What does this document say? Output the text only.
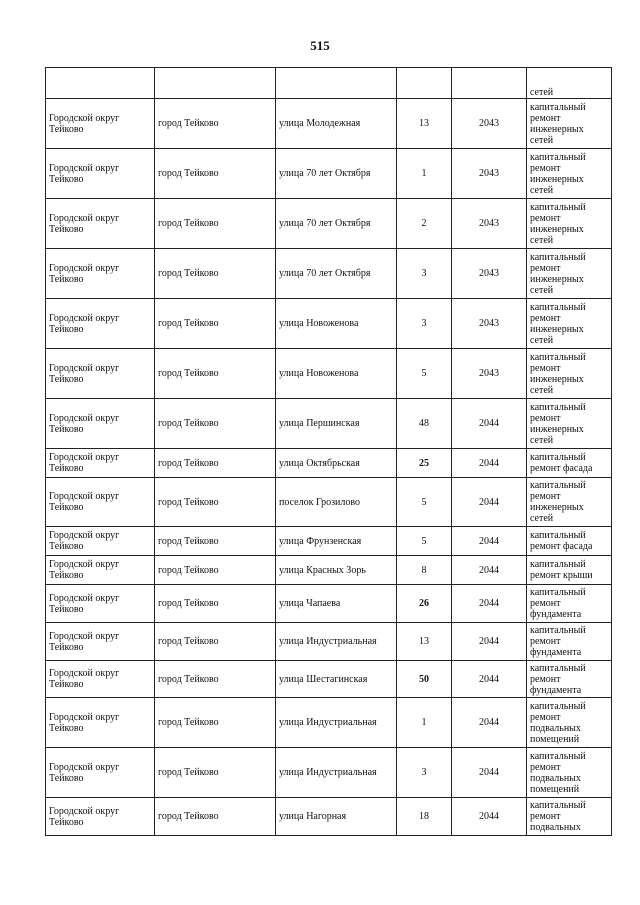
515

					сетей

Городской округ Тейково	город Тейково	улица Молодежная	13	2043	капитальный
ремонт
инженерных
сетей

Городской округ Тейково	город Тейково	улица 70 лет Октября	1	2043	капитальный
ремонт
инженерных
сетей

Городской округ Тейково	город Тейково	улица 70 лет Октября	2	2043	капитальный
ремонт
инженерных
сетей

Городской округ Тейково	город Тейково	улица 70 лет Октября	3	2043	капитальный
ремонт
инженерных
сетей

Городской округ Тейково	город Тейково	улица Новоженова	3	2043	капитальный
ремонт
инженерных
сетей

Городской округ Тейково	город Тейково	улица Новоженова	5	2043	капитальный
ремонт
инженерных
сетей

Городской округ Тейково	город Тейково	улица Першинская	48	2044	капитальный
ремонт
инженерных
сетей

Городской округ Тейково	город Тейково	улица Октябрьская	25	2044	капитальный
ремонт фасада

Городской округ Тейково	город Тейково	поселок Грозилово	5	2044	капитальный
ремонт
инженерных
сетей

Городской округ Тейково	город Тейково	улица Фрунзенская	5	2044	капитальный
ремонт фасада

Городской округ Тейково	город Тейково	улица Красных Зорь	8	2044	капитальный
ремонт крыши

Городской округ Тейково	город Тейково	улица Чапаева	26	2044	капитальный
ремонт
фундамента

Городской округ Тейково	город Тейково	улица Индустриальная	13	2044	капитальный
ремонт
фундамента

Городской округ Тейково	город Тейково	улица Шестагинская	50	2044	капитальный
ремонт
фундамента

Городской округ Тейково	город Тейково	улица Индустриальная	1	2044	капитальный
ремонт
подвальных
помещений

Городской округ Тейково	город Тейково	улица Индустриальная	3	2044	капитальный
ремонт
подвальных
помещений

Городской округ Тейково	город Тейково	улица Нагорная	18	2044	капитальный
ремонт
подвальных
